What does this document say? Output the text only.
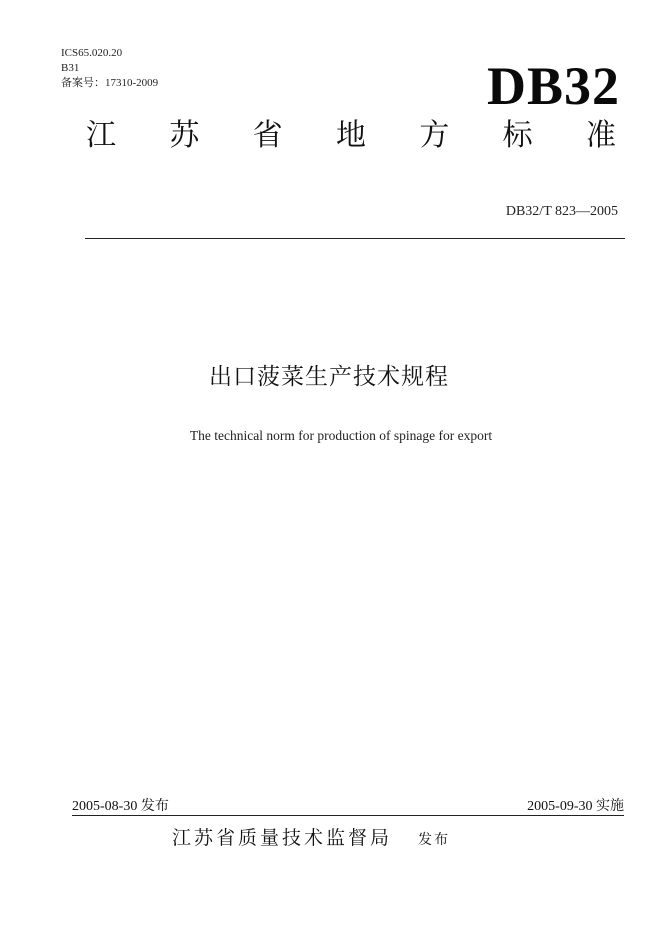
ICS65.020.20
B31
备案号：17310-2009	DB32
江 苏 省 地 方 标 准
DB32/T 823—2005
出口菠菜生产技术规程
The technical norm for production of spinage for export
2005-08-30 发布	2005-09-30 实施
江苏省质量技术监督局 发布
